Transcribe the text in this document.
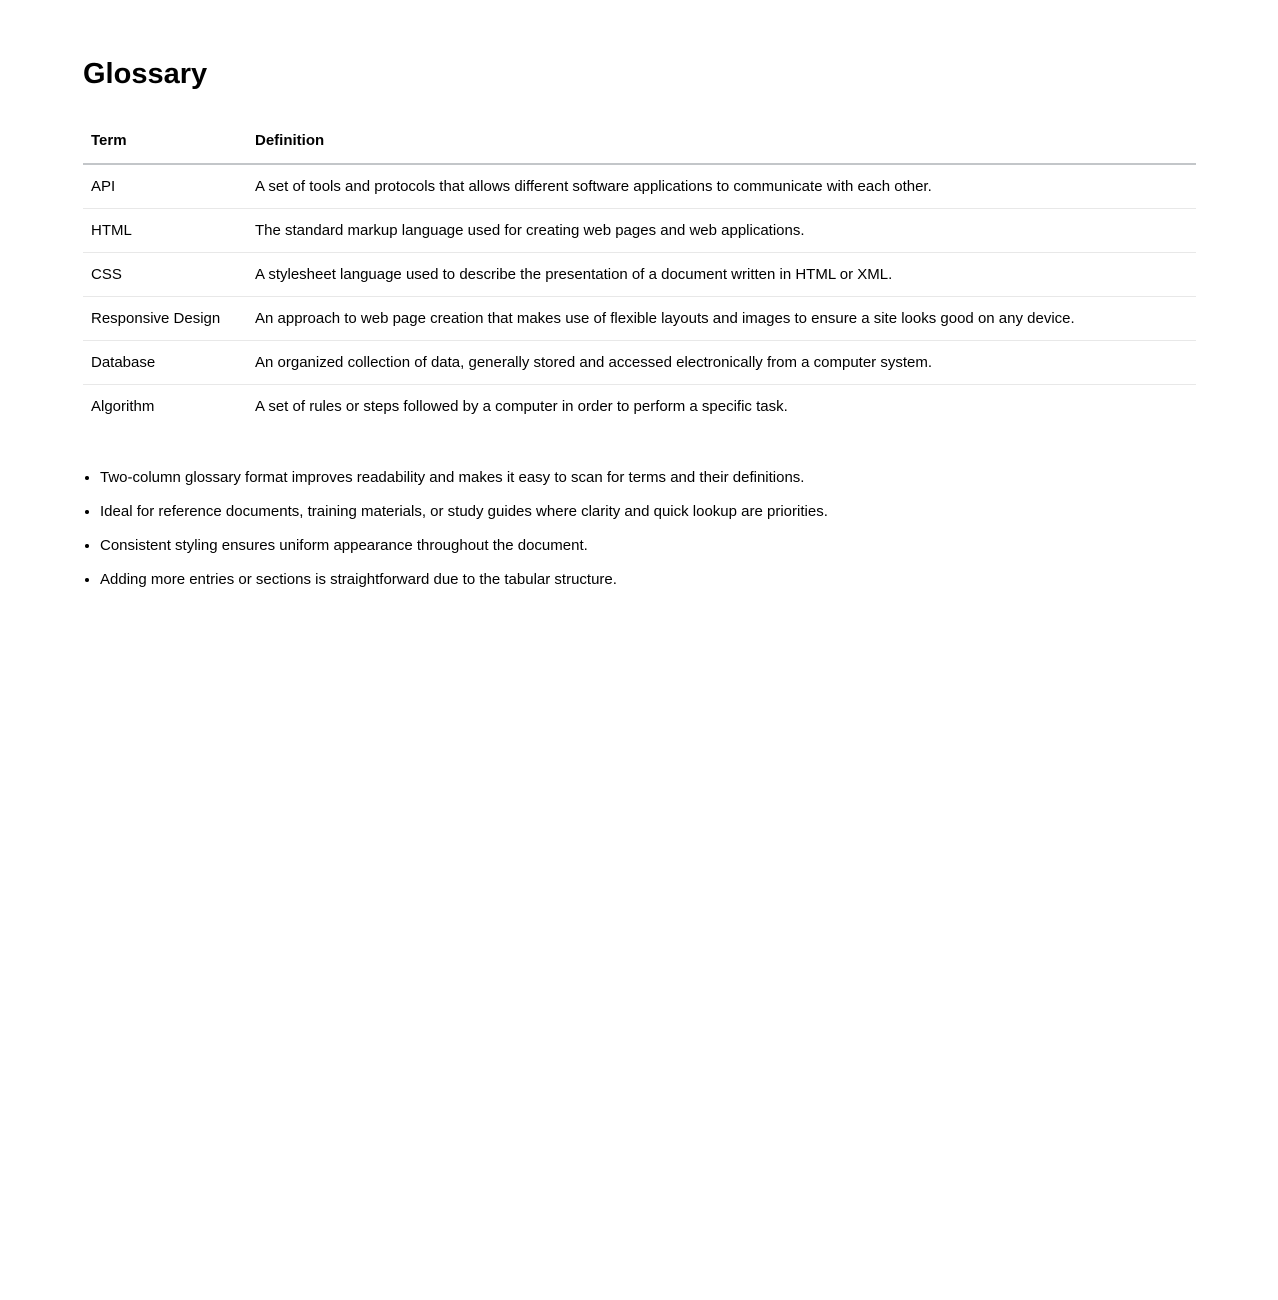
Glossary
Term	Definition
API	A set of tools and protocols that allows different software applications to communicate with each other.
HTML	The standard markup language used for creating web pages and web applications.
CSS	A stylesheet language used to describe the presentation of a document written in HTML or XML.
Responsive Design	An approach to web page creation that makes use of flexible layouts and images to ensure a site looks good on any device.
Database	An organized collection of data, generally stored and accessed electronically from a computer system.
Algorithm	A set of rules or steps followed by a computer in order to perform a specific task.
• Two-column glossary format improves readability and makes it easy to scan for terms and their definitions.
• Ideal for reference documents, training materials, or study guides where clarity and quick lookup are priorities.
• Consistent styling ensures uniform appearance throughout the document.
• Adding more entries or sections is straightforward due to the tabular structure.
